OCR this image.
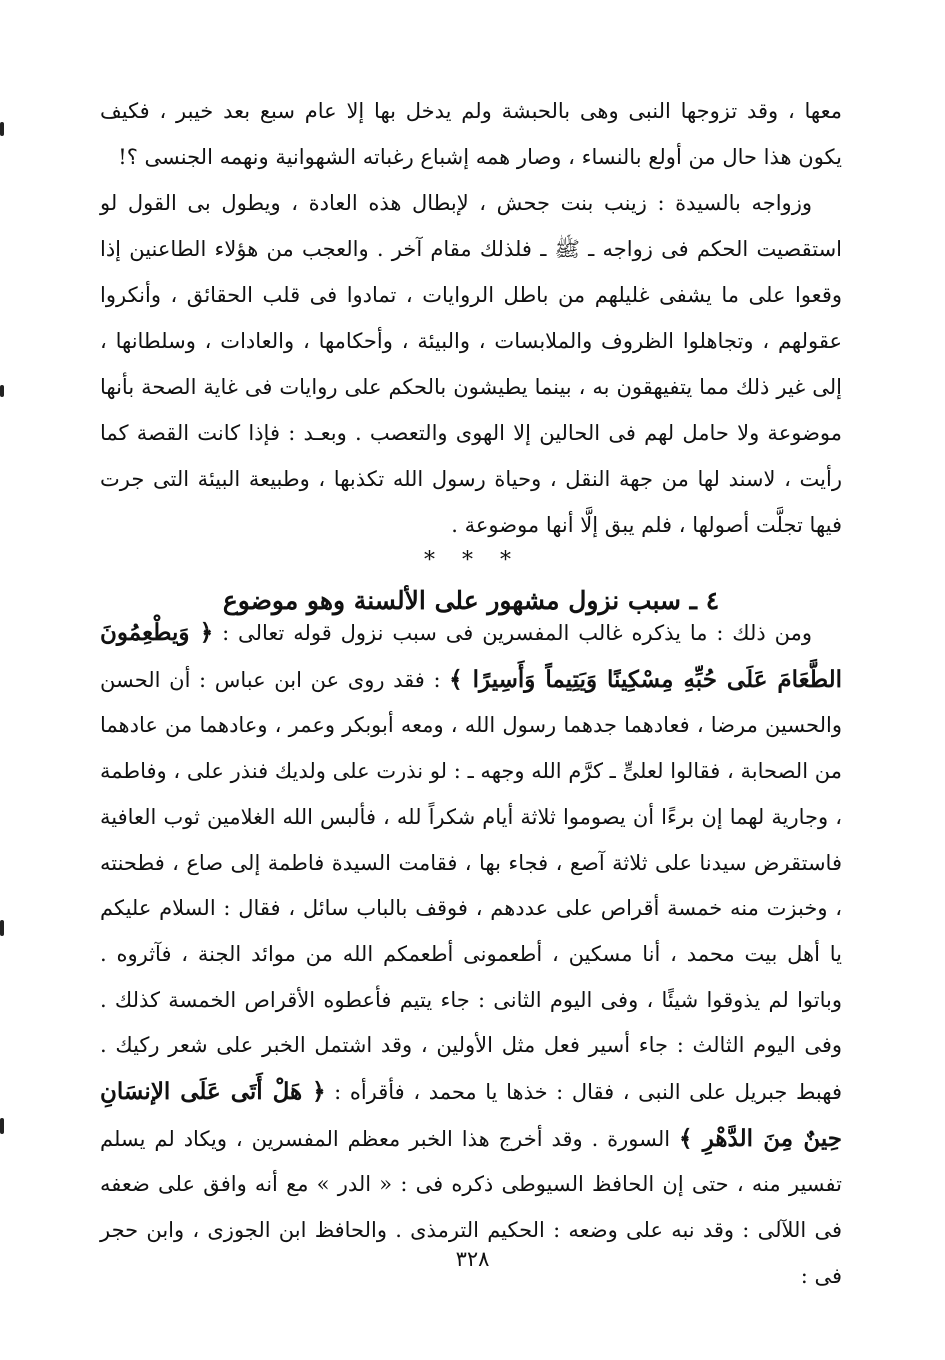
معها ، وقد تزوجها النبى وهى بالحبشة ولم يدخل بها إلا عام سبع بعد خيبر ، فكيف يكون هذا حال من أولع بالنساء ، وصار همه إشباع رغباته الشهوانية ونهمه الجنسى ؟!

وزواجه بالسيدة : زينب بنت جحش ، لإبطال هذه العادة ، ويطول بى القول لو استقصيت الحكم فى زواجه ـ ﷺ ـ فلذلك مقام آخر . والعجب من هؤلاء الطاعنين إذا وقعوا على ما يشفى غليلهم من باطل الروايات ، تمادوا فى قلب الحقائق ، وأنكروا عقولهم ، وتجاهلوا الظروف والملابسات ، والبيئة ، وأحكامها ، والعادات ، وسلطانها ، إلى غير ذلك مما يتفيهقون به ، بينما يطيشون بالحكم على روايات فى غاية الصحة بأنها موضوعة ولا حامل لهم فى الحالين إلا الهوى والتعصب . وبعـد : فإذا كانت القصة كما رأيت ، لاسند لها من جهة النقل ، وحياة رسول الله تكذبها ، وطبيعة البيئة التى جرت فيها تجلَّت أصولها ، فلم يبق إلَّا أنها موضوعة .

* * *
٤ ـ سبب نزول مشهور على الألسنة وهو موضوع

ومن ذلك : ما يذكره غالب المفسرين فى سبب نزول قوله تعالى : ﴿ وَيطْعِمُونَ الطَّعَامَ عَلَى حُبِّهِ مِسْكِينًا وَيَتِيماً وَأَسِيرًا ﴾ : فقد روى عن ابن عباس : أن الحسن والحسين مرضا ، فعادهما جدهما رسول الله ، ومعه أبوبكر وعمر ، وعادهما من عادهما من الصحابة ، فقالوا لعلىٍّ ـ كرَّم الله وجهه ـ : لو نذرت على ولديك فنذر على ، وفاطمة ، وجارية لهما إن برءًا أن يصوموا ثلاثة أيام شكراً لله ، فألبس الله الغلامين ثوب العافية فاستقرض سيدنا على ثلاثة آصع ، فجاء بها ، فقامت السيدة فاطمة إلى صاع ، فطحنته ، وخبزت منه خمسة أقراص على عددهم ، فوقف بالباب سائل ، فقال : السلام عليكم يا أهل بيت محمد ، أنا مسكين ، أطعمونى أطعمكم الله من موائد الجنة ، فآثروه . وباتوا لم يذوقوا شيئًا ، وفى اليوم الثانى : جاء يتيم فأعطوه الأقراص الخمسة كذلك . وفى اليوم الثالث : جاء أسير فعل مثل الأولين ، وقد اشتمل الخبر على شعر ركيك . فهبط جبريل على النبى ، فقال : خذها يا محمد ، فأقرأه : ﴿ هَلْ أَتَى عَلَى الإنسَانِ حِينٌ مِنَ الدَّهْرِ ﴾ السورة . وقد أخرج هذا الخبر معظم المفسرين ، ويكاد لم يسلم تفسير منه ، حتى إن الحافظ السيوطى ذكره فى : « الدر » مع أنه وافق على ضعفه فى اللآلى : وقد نبه على وضعه : الحكيم الترمذى . والحافظ ابن الجوزى ، وابن حجر فى :

٣٢٨
